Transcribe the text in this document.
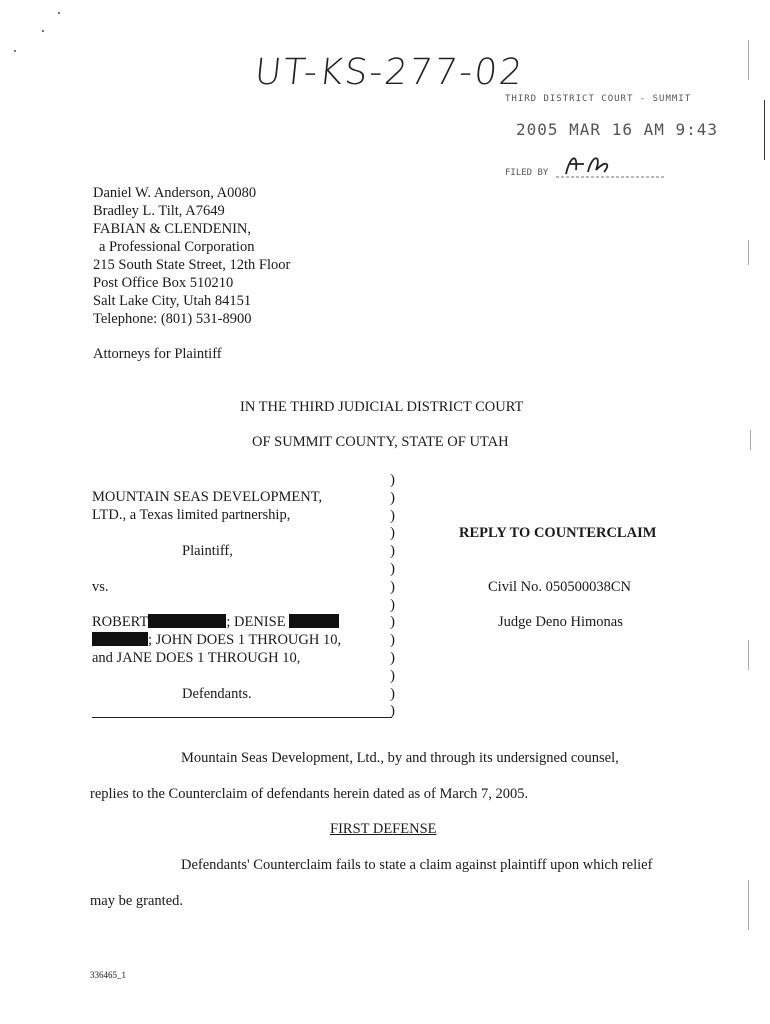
UT-KS-277-02
THIRD DISTRICT COURT - SUMMIT
2005 MAR 16 AM 9:43
FILED BY
Daniel W. Anderson, A0080
Bradley L. Tilt, A7649
FABIAN & CLENDENIN,
a Professional Corporation
215 South State Street, 12th Floor
Post Office Box 510210
Salt Lake City, Utah 84151
Telephone: (801) 531-8900
Attorneys for Plaintiff
IN THE THIRD JUDICIAL DISTRICT COURT
OF SUMMIT COUNTY, STATE OF UTAH
MOUNTAIN SEAS DEVELOPMENT,
LTD., a Texas limited partnership,
Plaintiff,
vs.
ROBERT	; DENISE
; JOHN DOES 1 THROUGH 10,
and JANE DOES 1 THROUGH 10,
Defendants.
)
)
)
)
)
)
)
)
)
)
)
)
)
)
REPLY TO COUNTERCLAIM
Civil No. 050500038CN
Judge Deno Himonas
Mountain Seas Development, Ltd., by and through its undersigned counsel,
replies to the Counterclaim of defendants herein dated as of March 7, 2005.
FIRST DEFENSE
Defendants' Counterclaim fails to state a claim against plaintiff upon which relief
may be granted.
336465_1
